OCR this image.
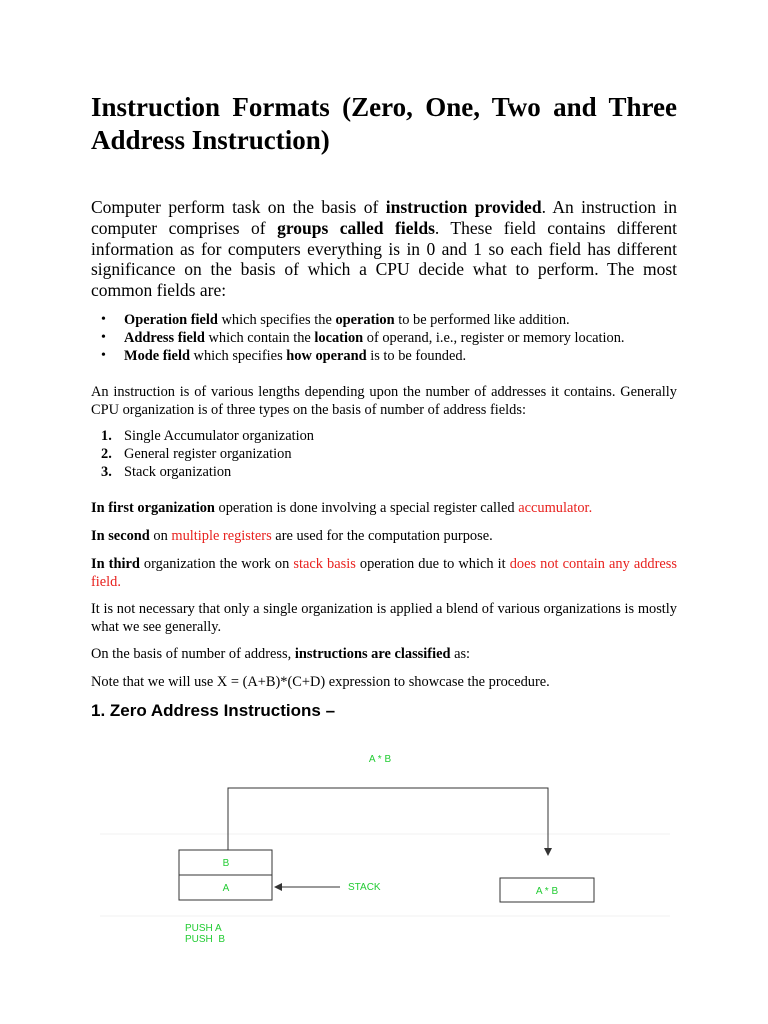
Instruction Formats (Zero, One, Two and Three Address Instruction)

Computer perform task on the basis of instruction provided. An instruction in computer comprises of groups called fields. These field contains different information as for computers everything is in 0 and 1 so each field has different significance on the basis of which a CPU decide what to perform. The most common fields are:

• Operation field which specifies the operation to be performed like addition.
• Address field which contain the location of operand, i.e., register or memory location.
• Mode field which specifies how operand is to be founded.

An instruction is of various lengths depending upon the number of addresses it contains. Generally CPU organization is of three types on the basis of number of address fields:

1. Single Accumulator organization
2. General register organization
3. Stack organization

In first organization operation is done involving a special register called accumulator.

In second on multiple registers are used for the computation purpose.

In third organization the work on stack basis operation due to which it does not contain any address field.

It is not necessary that only a single organization is applied a blend of various organizations is mostly what we see generally.

On the basis of number of address, instructions are classified as:

Note that we will use X = (A+B)*(C+D) expression to showcase the procedure.

1. Zero Address Instructions –
A * B
B
A	STACK	A * B
PUSH A
PUSH  B
